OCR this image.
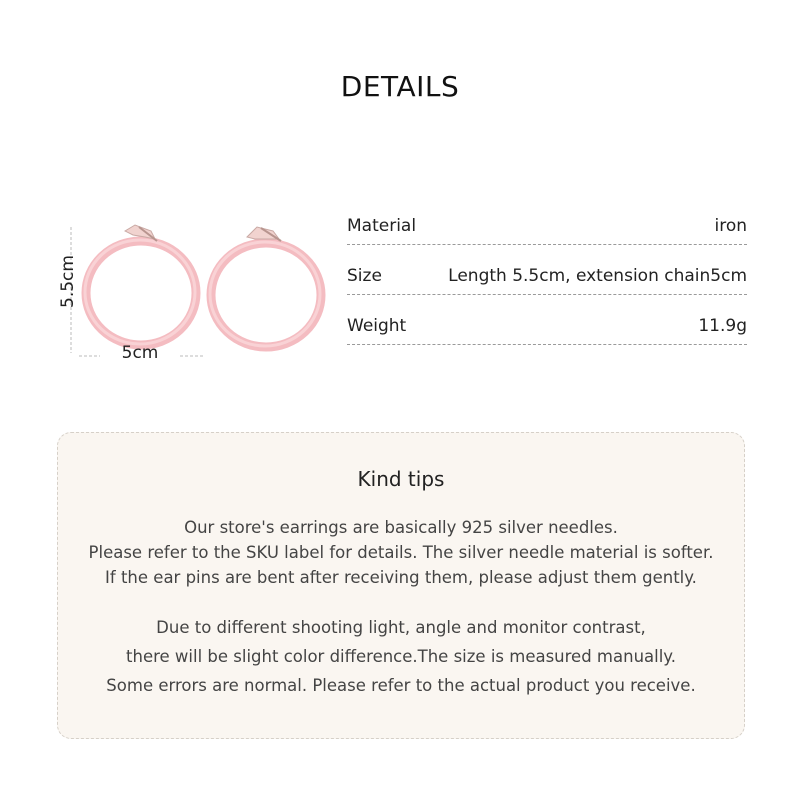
DETAILS
5cm
5.5cm
Material	iron
Size	Length 5.5cm, extension chain5cm
Weight	11.9g
Kind tips
Our store's earrings are basically 925 silver needles.
Please refer to the SKU label for details. The silver needle material is softer.
If the ear pins are bent after receiving them, please adjust them gently.
Due to different shooting light, angle and monitor contrast,
there will be slight color difference.The size is measured manually.
Some errors are normal. Please refer to the actual product you receive.
